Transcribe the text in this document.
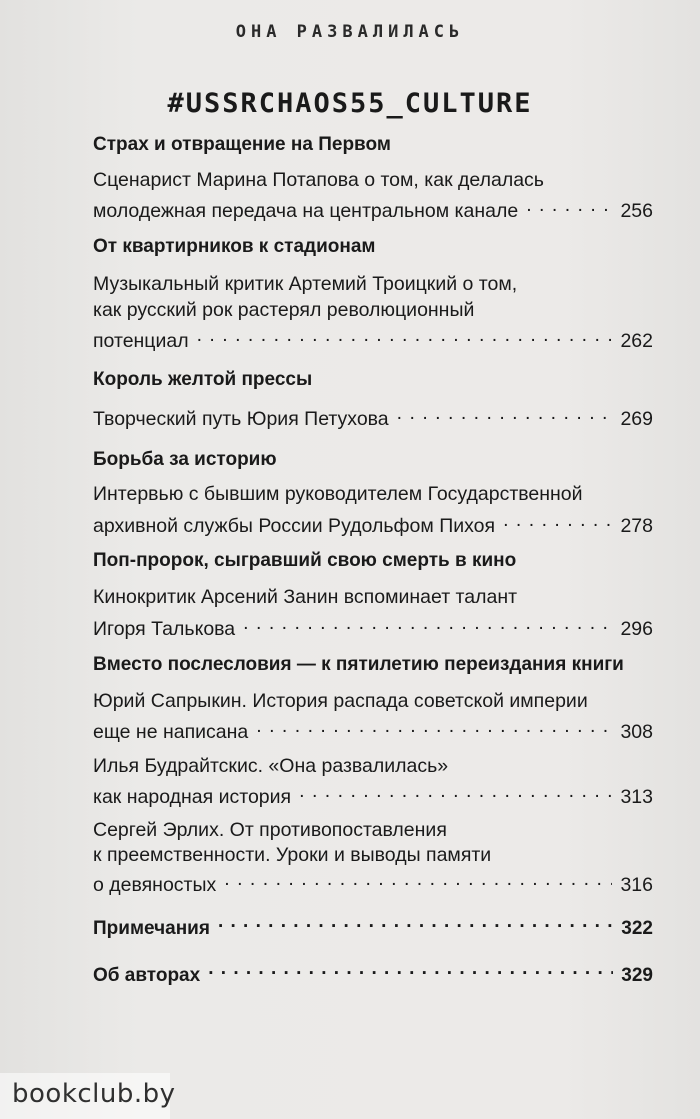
ОНА РАЗВАЛИЛАСЬ
#USSRCHAOS55_CULTURE
Страх и отвращение на Первом
Сценарист Марина Потапова о том, как делалась
молодежная передача на центральном канале . . .	256
От квартирников к стадионам
Музыкальный критик Артемий Троицкий о том,
как русский рок растерял революционный
потенциал . . .	262
Король желтой прессы
Творческий путь Юрия Петухова . . .	269
Борьба за историю
Интервью с бывшим руководителем Государственной
архивной службы России Рудольфом Пихоя . . .	278
Поп-пророк, сыгравший свою смерть в кино
Кинокритик Арсений Занин вспоминает талант
Игоря Талькова . . .	296
Вместо послесловия — к пятилетию переиздания книги
Юрий Сапрыкин. История распада советской империи
еще не написана . . .	308
Илья Будрайтскис. «Она развалилась»
как народная история . . .	313
Сергей Эрлих. От противопоставления
к преемственности. Уроки и выводы памяти
о девяностых . . .	316
Примечания . . .	322
Об авторах . . .	329
bookclub.by
